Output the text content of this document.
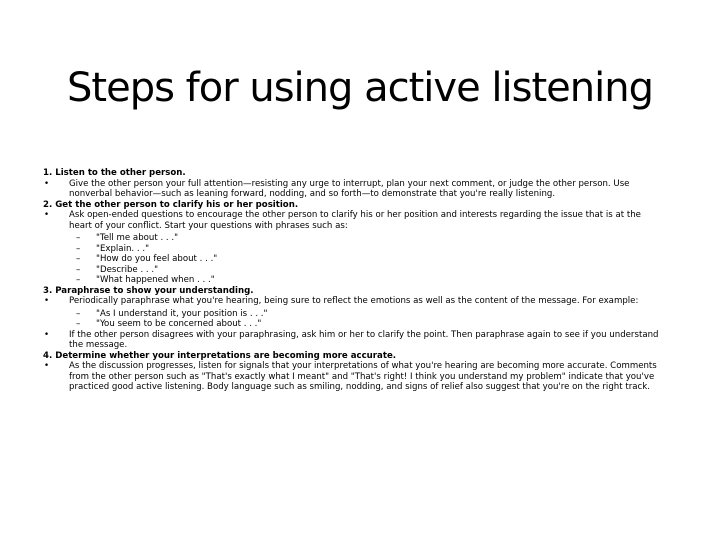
Steps for using active listening
1. Listen to the other person.
• Give the other person your full attention—resisting any urge to interrupt, plan your next comment, or judge the other person. Use nonverbal behavior—such as leaning forward, nodding, and so forth—to demonstrate that you're really listening.
2. Get the other person to clarify his or her position.
• Ask open-ended questions to encourage the other person to clarify his or her position and interests regarding the issue that is at the heart of your conflict. Start your questions with phrases such as:
– "Tell me about . . ."
– "Explain. . ."
– "How do you feel about . . ."
– "Describe . . ."
– "What happened when . . ."
3. Paraphrase to show your understanding.
• Periodically paraphrase what you're hearing, being sure to reflect the emotions as well as the content of the message. For example:
– "As I understand it, your position is . . ."
– "You seem to be concerned about . . ."
• If the other person disagrees with your paraphrasing, ask him or her to clarify the point. Then paraphrase again to see if you understand the message.
4. Determine whether your interpretations are becoming more accurate.
• As the discussion progresses, listen for signals that your interpretations of what you're hearing are becoming more accurate. Comments from the other person such as "That's exactly what I meant" and "That's right! I think you understand my problem" indicate that you've practiced good active listening. Body language such as smiling, nodding, and signs of relief also suggest that you're on the right track.
